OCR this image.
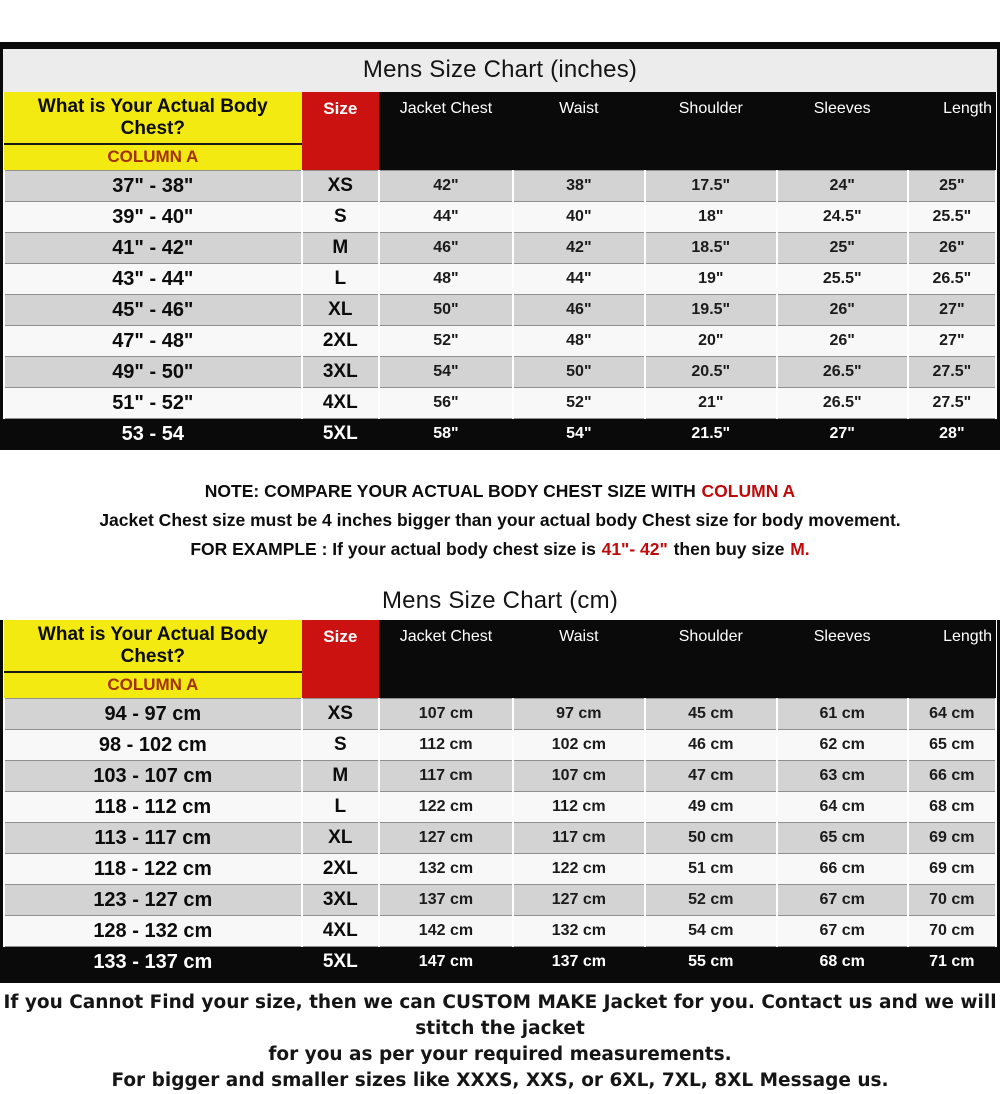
Mens Size Chart (inches)
What is Your Actual Body Chest?	Size	Jacket Chest	Waist	Shoulder	Sleeves	Length
COLUMN A						
37" - 38"	XS	42"	38"	17.5"	24"	25"
39" - 40"	S	44"	40"	18"	24.5"	25.5"
41" - 42"	M	46"	42"	18.5"	25"	26"
43" - 44"	L	48"	44"	19"	25.5"	26.5"
45" - 46"	XL	50"	46"	19.5"	26"	27"
47" - 48"	2XL	52"	48"	20"	26"	27"
49" - 50"	3XL	54"	50"	20.5"	26.5"	27.5"
51" - 52"	4XL	56"	52"	21"	26.5"	27.5"
53 - 54	5XL	58"	54"	21.5"	27"	28"
NOTE: COMPARE YOUR ACTUAL BODY CHEST SIZE WITH COLUMN A
Jacket Chest size must be 4 inches bigger than your actual body Chest size for body movement.
FOR EXAMPLE : If your actual body chest size is 41"- 42" then buy size M.
Mens Size Chart (cm)
What is Your Actual Body Chest?	Size	Jacket Chest	Waist	Shoulder	Sleeves	Length
COLUMN A						
94 - 97 cm	XS	107 cm	97 cm	45 cm	61 cm	64 cm
98 - 102 cm	S	112 cm	102 cm	46 cm	62 cm	65 cm
103 - 107 cm	M	117 cm	107 cm	47 cm	63 cm	66 cm
118 - 112 cm	L	122 cm	112 cm	49 cm	64 cm	68 cm
113 - 117 cm	XL	127 cm	117 cm	50 cm	65 cm	69 cm
118 - 122 cm	2XL	132 cm	122 cm	51 cm	66 cm	69 cm
123 - 127 cm	3XL	137 cm	127 cm	52 cm	67 cm	70 cm
128 - 132 cm	4XL	142 cm	132 cm	54 cm	67 cm	70 cm
133 - 137 cm	5XL	147 cm	137 cm	55 cm	68 cm	71 cm
If you Cannot Find your size, then we can CUSTOM MAKE Jacket for you. Contact us and we will stitch the jacket
for you as per your required measurements.
For bigger and smaller sizes like XXXS, XXS, or 6XL, 7XL, 8XL Message us.
